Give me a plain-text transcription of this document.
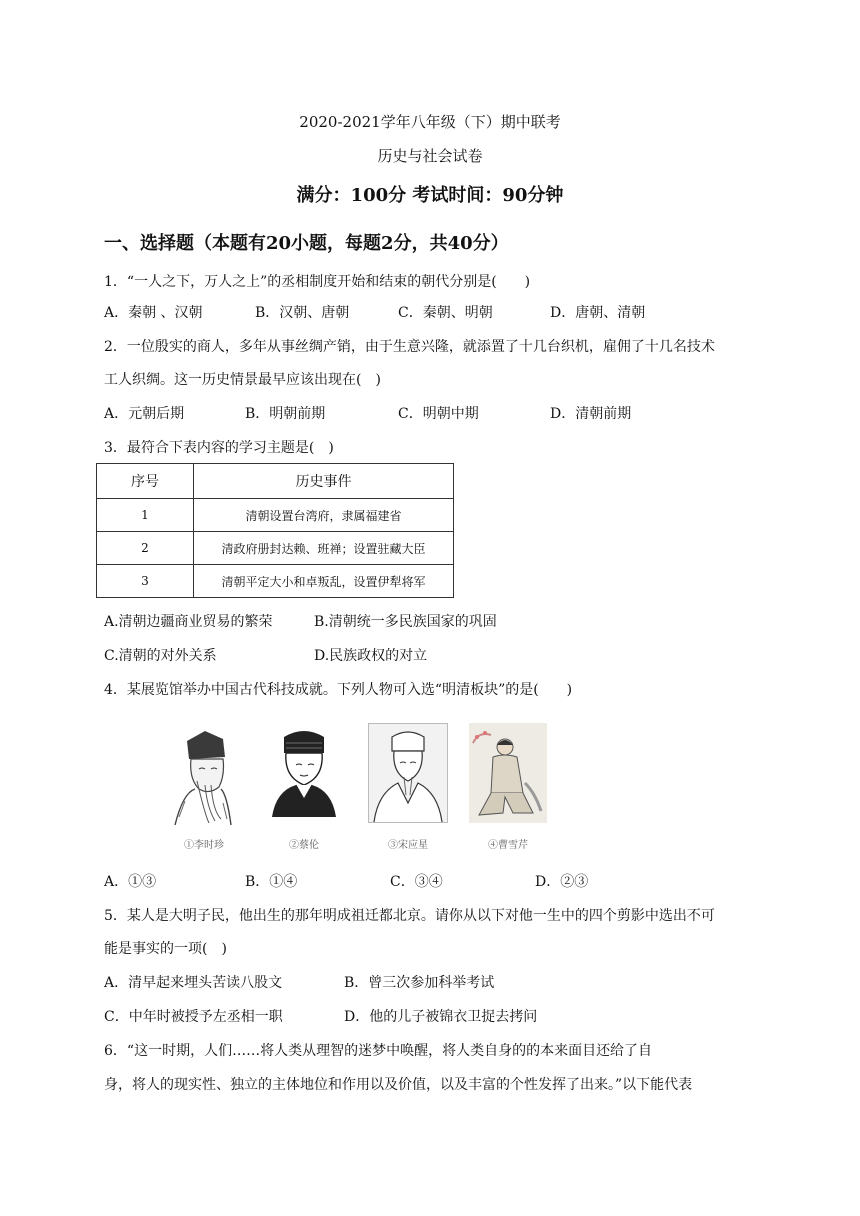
2020-2021学年八年级（下）期中联考
历史与社会试卷
满分：100分 考试时间：90分钟
一、选择题（本题有20小题，每题2分，共40分）
1．“一人之下，万人之上”的丞相制度开始和结束的朝代分别是(　　)
A．秦朝 、汉朝	B．汉朝、唐朝	C．秦朝、明朝	D．唐朝、清朝
2．一位殷实的商人，多年从事丝绸产销，由于生意兴隆，就添置了十几台织机，雇佣了十几名技术
工人织绸。这一历史情景最早应该出现在(　)
A．元朝后期	B．明朝前期	C．明朝中期	D．清朝前期
3．最符合下表内容的学习主题是(　)
序号	历史事件
1	清朝设置台湾府，隶属福建省
2	清政府册封达赖、班禅；设置驻藏大臣
3	清朝平定大小和卓叛乱，设置伊犁将军
A.清朝边疆商业贸易的繁荣	B.清朝统一多民族国家的巩固
C.清朝的对外关系	D.民族政权的对立
4．某展览馆举办中国古代科技成就。下列人物可入选“明清板块”的是(　　)
①李时珍	②蔡伦	③宋应星	④曹雪芹
A．①③	B．①④	C．③④	D．②③
5．某人是大明子民，他出生的那年明成祖迁都北京。请你从以下对他一生中的四个剪影中选出不可
能是事实的一项(　)
A．清早起来埋头苦读八股文	B．曾三次参加科举考试
C．中年时被授予左丞相一职	D．他的儿子被锦衣卫捉去拷问
6．“这一时期，人们……将人类从理智的迷梦中唤醒，将人类自身的的本来面目还给了自
身，将人的现实性、独立的主体地位和作用以及价值，以及丰富的个性发挥了出来。”以下能代表
